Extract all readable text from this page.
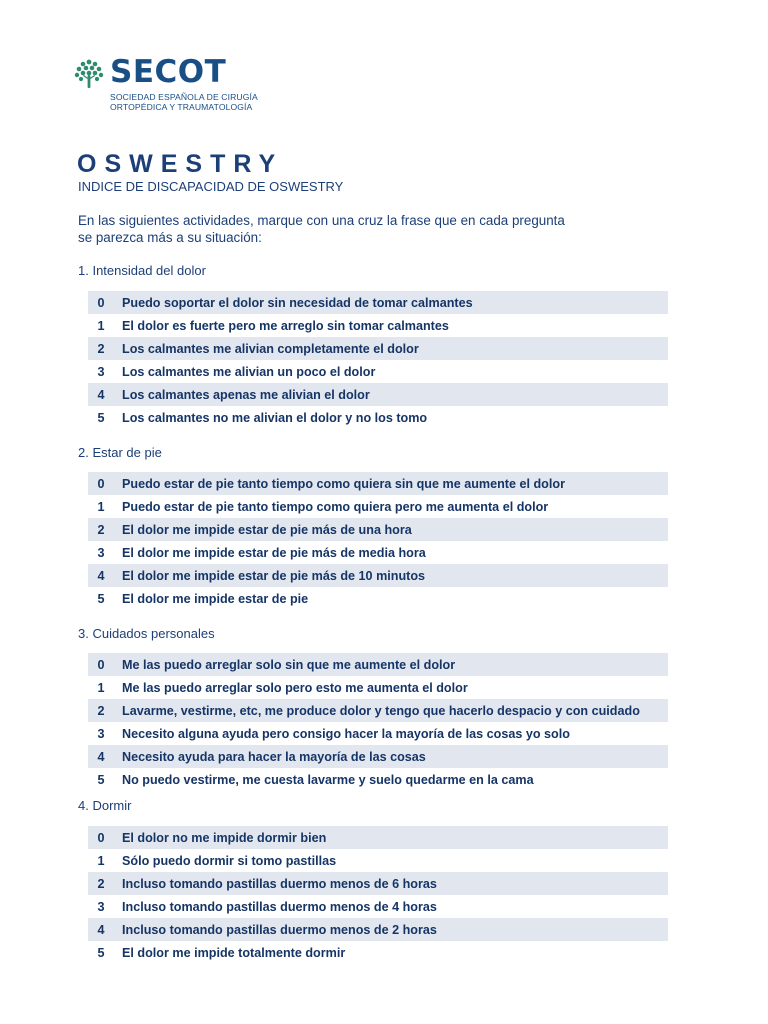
SECOT
SOCIEDAD ESPAÑOLA DE CIRUGÍA
ORTOPÉDICA Y TRAUMATOLOGÍA
OSWESTRY
INDICE DE DISCAPACIDAD DE OSWESTRY
En las siguientes actividades, marque con una cruz la frase que en cada pregunta
se parezca más a su situación:
1. Intensidad del dolor
0	Puedo soportar el dolor sin necesidad de tomar calmantes
1	El dolor es fuerte pero me arreglo sin tomar calmantes
2	Los calmantes me alivian completamente el dolor
3	Los calmantes me alivian un poco el dolor
4	Los calmantes apenas me alivian el dolor
5	Los calmantes no me alivian el dolor y no los tomo
2. Estar de pie
0	Puedo estar de pie tanto tiempo como quiera sin que me aumente el dolor
1	Puedo estar de pie tanto tiempo como quiera pero me aumenta el dolor
2	El dolor me impide estar de pie más de una hora
3	El dolor me impide estar de pie más de media hora
4	El dolor me impide estar de pie más de 10 minutos
5	El dolor me impide estar de pie
3. Cuidados personales
0	Me las puedo arreglar solo sin que me aumente el dolor
1	Me las puedo arreglar solo pero esto me aumenta el dolor
2	Lavarme, vestirme, etc, me produce dolor y tengo que hacerlo despacio y con cuidado
3	Necesito alguna ayuda pero consigo hacer la mayoría de las cosas yo solo
4	Necesito ayuda para hacer la mayoría de las cosas
5	No puedo vestirme, me cuesta lavarme y suelo quedarme en la cama
4. Dormir
0	El dolor no me impide dormir bien
1	Sólo puedo dormir si tomo pastillas
2	Incluso tomando pastillas duermo menos de 6 horas
3	Incluso tomando pastillas duermo menos de 4 horas
4	Incluso tomando pastillas duermo menos de 2 horas
5	El dolor me impide totalmente dormir
